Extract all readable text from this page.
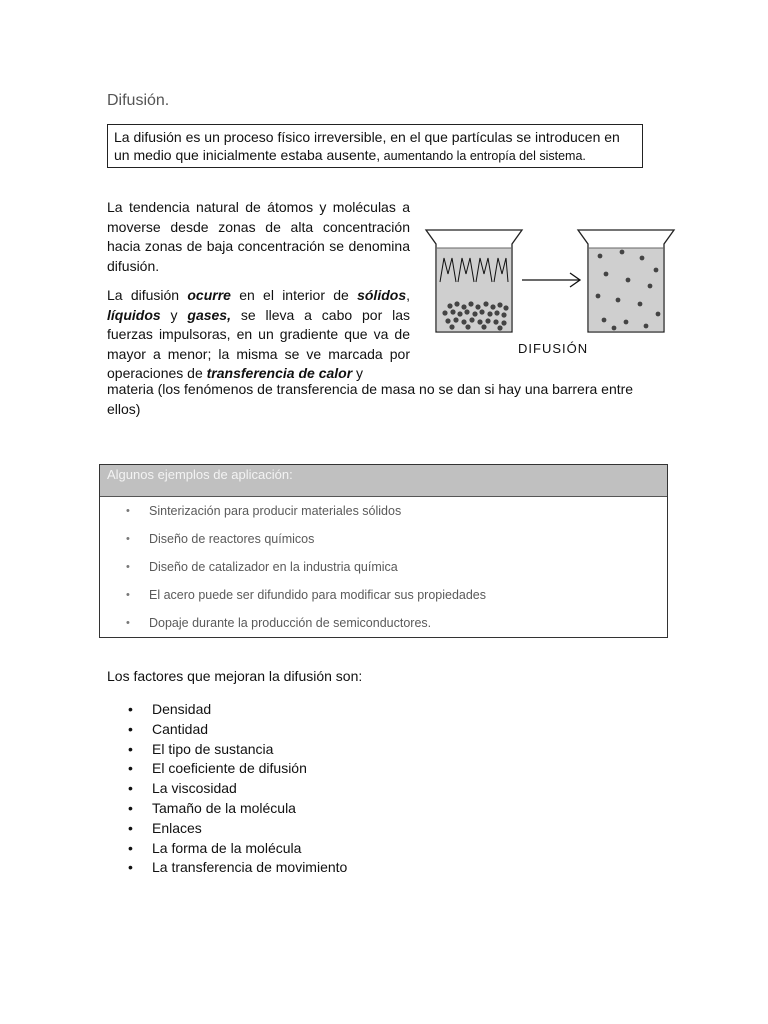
Difusión.
La difusión es un proceso físico irreversible, en el que partículas se introducen en un medio que inicialmente estaba ausente, aumentando la entropía del sistema.
La tendencia natural de átomos y moléculas a moverse desde zonas de alta concentración hacia zonas de baja concentración se denomina difusión.
La difusión ocurre en el interior de sólidos, líquidos y gases, se lleva a cabo por las fuerzas impulsoras, en un gradiente que va de mayor a menor; la misma se ve marcada por operaciones de transferencia de calor y
materia (los fenómenos de transferencia de masa no se dan si hay una barrera entre ellos)
DIFUSIÓN
Algunos ejemplos de aplicación:
• Sinterización para producir materiales sólidos
• Diseño de reactores químicos
• Diseño de catalizador en la industria química
• El acero puede ser difundido para modificar sus propiedades
• Dopaje durante la producción de semiconductores.
Los factores que mejoran la difusión son:
• Densidad
• Cantidad
• El tipo de sustancia
• El coeficiente de difusión
• La viscosidad
• Tamaño de la molécula
• Enlaces
• La forma de la molécula
• La transferencia de movimiento
